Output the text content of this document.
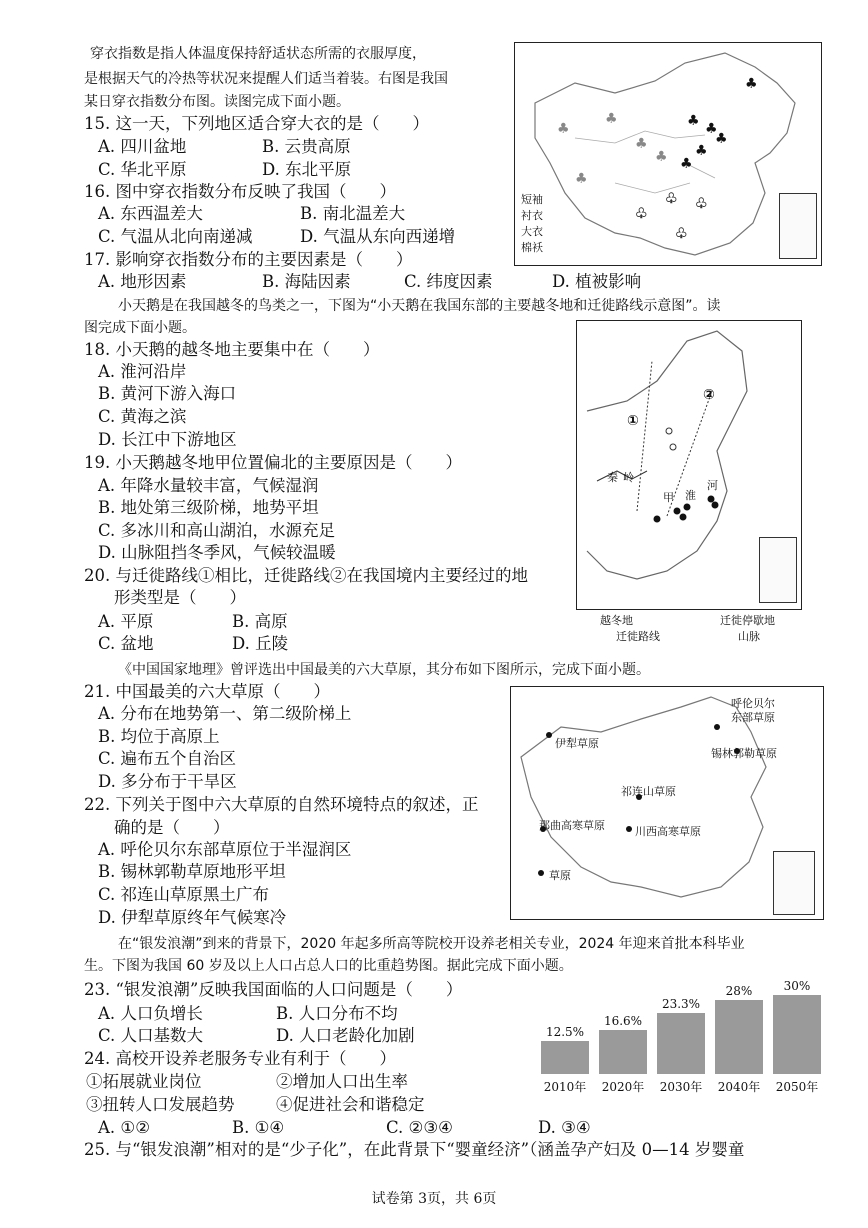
穿衣指数是指人体温度保持舒适状态所需的衣服厚度，
是根据天气的冷热等状况来提醒人们适当着装。右图是我国
某日穿衣指数分布图。读图完成下面小题。
15. 这一天，下列地区适合穿大衣的是（　　）
A. 四川盆地	B. 云贵高原
C. 华北平原	D. 东北平原
16. 图中穿衣指数分布反映了我国（　　）
A. 东西温差大	B. 南北温差大
C. 气温从北向南递减	D. 气温从东向西递增
17. 影响穿衣指数分布的主要因素是（　　）
A. 地形因素	B. 海陆因素	C. 纬度因素	D. 植被影响
♣
♣
♣
♣
♣
♣
♣
♣
♣
♣
♣
♣ ♣
♣
♣
短袖
衬衣
大衣
棉袄
小天鹅是在我国越冬的鸟类之一，下图为“小天鹅在我国东部的主要越冬地和迁徙路线示意图”。读
图完成下面小题。
18. 小天鹅的越冬地主要集中在（　　）
A. 淮河沿岸
B. 黄河下游入海口
C. 黄海之滨
D. 长江中下游地区
19. 小天鹅越冬地甲位置偏北的主要原因是（　　）
A. 年降水量较丰富，气候湿润
B. 地处第三级阶梯，地势平坦
C. 多冰川和高山湖泊，水源充足
D. 山脉阻挡冬季风，气候较温暖
20. 与迁徙路线①相比，迁徙路线②在我国境内主要经过的地
形类型是（　　）
A. 平原	B. 高原
C. 盆地	D. 丘陵
①
②
秦 岭
甲 淮
河
越冬地	迁徙停歇地
迁徙路线	山脉
《中国国家地理》曾评选出中国最美的六大草原，其分布如下图所示，完成下面小题。
21. 中国最美的六大草原（　　）
A. 分布在地势第一、第二级阶梯上
B. 均位于高原上
C. 遍布五个自治区
D. 多分布于干旱区
22. 下列关于图中六大草原的自然环境特点的叙述，正
确的是（　　）
A. 呼伦贝尔东部草原位于半湿润区
B. 锡林郭勒草原地形平坦
C. 祁连山草原黑土广布
D. 伊犁草原终年气候寒冷
呼伦贝尔
东部草原
锡林郭勒草原
伊犁草原
祁连山草原
那曲高寒草原	川西高寒草原
草原
在“银发浪潮”到来的背景下，2020 年起多所高等院校开设养老相关专业，2024 年迎来首批本科毕业
生。下图为我国 60 岁及以上人口占总人口的比重趋势图。据此完成下面小题。
23. “银发浪潮”反映我国面临的人口问题是（　　）
A. 人口负增长	B. 人口分布不均
C. 人口基数大	D. 人口老龄化加剧
24. 高校开设养老服务专业有利于（　　）
①拓展就业岗位	②增加人口出生率
③扭转人口发展趋势	④促进社会和谐稳定
A. ①②	B. ①④	C. ②③④	D. ③④
25. 与“银发浪潮”相对的是“少子化”，在此背景下“婴童经济”（涵盖孕产妇及 0—14 岁婴童
12.5%
2010年
16.6%
2020年
23.3%
2030年
28%
2040年
30%
2050年
试卷第 3页，共 6页
